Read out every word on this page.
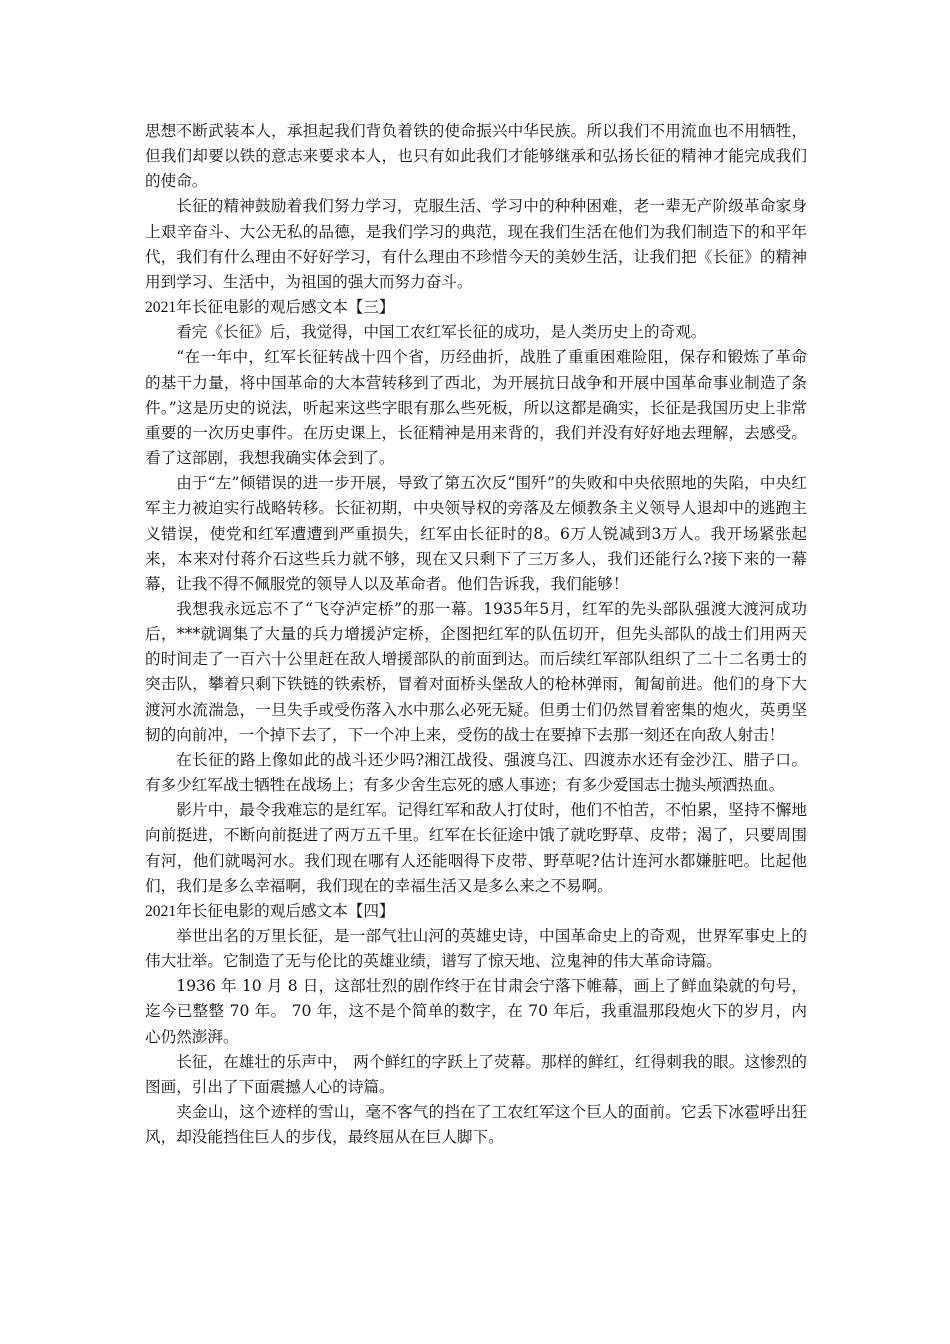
思想不断武装本人，承担起我们背负着铁的使命振兴中华民族。所以我们不用流血也不用牺牲，但我们却要以铁的意志来要求本人，也只有如此我们才能够继承和弘扬长征的精神才能完成我们的使命。

长征的精神鼓励着我们努力学习，克服生活、学习中的种种困难，老一辈无产阶级革命家身上艰辛奋斗、大公无私的品德，是我们学习的典范，现在我们生活在他们为我们制造下的和平年代，我们有什么理由不好好学习，有什么理由不珍惜今天的美妙生活，让我们把《长征》的精神用到学习、生活中，为祖国的强大而努力奋斗。

2021年长征电影的观后感文本【三】

看完《长征》后，我觉得，中国工农红军长征的成功，是人类历史上的奇观。

“在一年中，红军长征转战十四个省，历经曲折，战胜了重重困难险阻，保存和锻炼了革命的基干力量，将中国革命的大本营转移到了西北，为开展抗日战争和开展中国革命事业制造了条件。”这是历史的说法，听起来这些字眼有那么些死板，所以这都是确实，长征是我国历史上非常重要的一次历史事件。在历史课上，长征精神是用来背的，我们并没有好好地去理解，去感受。看了这部剧，我想我确实体会到了。

由于“左”倾错误的进一步开展，导致了第五次反“围歼”的失败和中央依照地的失陷，中央红军主力被迫实行战略转移。长征初期，中央领导权的旁落及左倾教条主义领导人退却中的逃跑主义错误，使党和红军遭遭到严重损失，红军由长征时的8。6万人锐减到3万人。我开场紧张起来，本来对付蒋介石这些兵力就不够，现在又只剩下了三万多人，我们还能行么?接下来的一幕幕，让我不得不佩服党的领导人以及革命者。他们告诉我，我们能够！

我想我永远忘不了“飞夺泸定桥”的那一幕。1935年5月，红军的先头部队强渡大渡河成功后，***就调集了大量的兵力增援泸定桥，企图把红军的队伍切开，但先头部队的战士们用两天的时间走了一百六十公里赶在敌人增援部队的前面到达。而后续红军部队组织了二十二名勇士的突击队，攀着只剩下铁链的铁索桥，冒着对面桥头堡敌人的枪林弹雨，匍匐前进。他们的身下大渡河水流湍急，一旦失手或受伤落入水中那么必死无疑。但勇士们仍然冒着密集的炮火，英勇坚韧的向前冲，一个掉下去了，下一个冲上来，受伤的战士在要掉下去那一刻还在向敌人射击！

在长征的路上像如此的战斗还少吗?湘江战役、强渡乌江、四渡赤水还有金沙江、腊子口。有多少红军战士牺牲在战场上；有多少舍生忘死的感人事迹；有多少爱国志士抛头颅洒热血。

影片中，最令我难忘的是红军。记得红军和敌人打仗时，他们不怕苦，不怕累，坚持不懈地向前挺进，不断向前挺进了两万五千里。红军在长征途中饿了就吃野草、皮带；渴了，只要周围有河，他们就喝河水。我们现在哪有人还能咽得下皮带、野草呢?估计连河水都嫌脏吧。比起他们，我们是多么幸福啊，我们现在的幸福生活又是多么来之不易啊。

2021年长征电影的观后感文本【四】

举世出名的万里长征，是一部气壮山河的英雄史诗，中国革命史上的奇观，世界军事史上的伟大壮举。它制造了无与伦比的英雄业绩，谱写了惊天地、泣鬼神的伟大革命诗篇。

1936 年 10 月 8 日，这部壮烈的剧作终于在甘肃会宁落下帷幕，画上了鲜血染就的句号，迄今已整整 70 年。 70 年，这不是个简单的数字，在 70 年后，我重温那段炮火下的岁月，内心仍然澎湃。

长征，在雄壮的乐声中， 两个鲜红的字跃上了荧幕。那样的鲜红，红得刺我的眼。这惨烈的图画，引出了下面震撼人心的诗篇。

夹金山，这个迹样的雪山，毫不客气的挡在了工农红军这个巨人的面前。它丢下冰雹呼出狂风，却没能挡住巨人的步伐，最终屈从在巨人脚下。
